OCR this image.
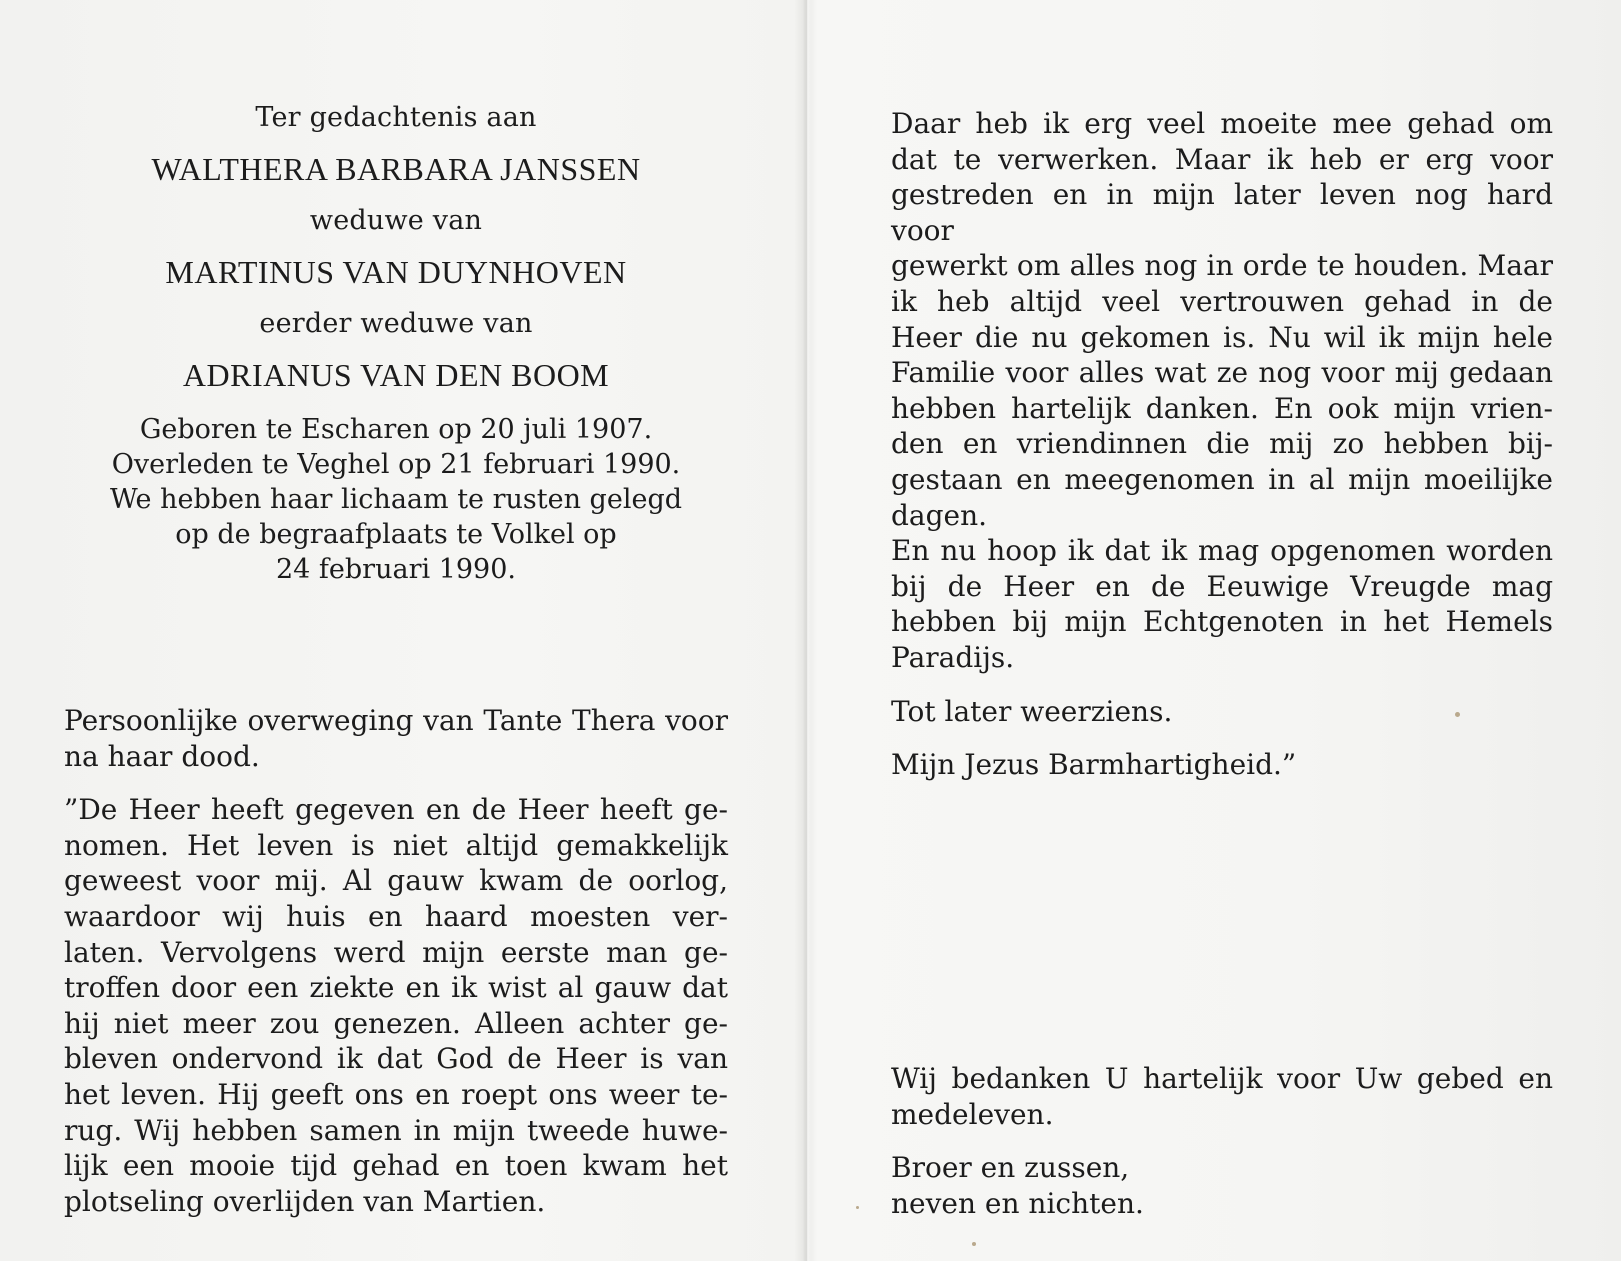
Ter gedachtenis aan

WALTHERA BARBARA JANSSEN

weduwe van

MARTINUS VAN DUYNHOVEN

eerder weduwe van

ADRIANUS VAN DEN BOOM

Geboren te Escharen op 20 juli 1907.

Overleden te Veghel op 21 februari 1990.

We hebben haar lichaam te rusten gelegd

op de begraafplaats te Volkel op

24 februari 1990.

Persoonlijke overweging van Tante Thera voor
na haar dood.

”De Heer heeft gegeven en de Heer heeft ge-
nomen. Het leven is niet altijd gemakkelijk
geweest voor mij. Al gauw kwam de oorlog,
waardoor wij huis en haard moesten ver-
laten. Vervolgens werd mijn eerste man ge-
troffen door een ziekte en ik wist al gauw dat
hij niet meer zou genezen. Alleen achter ge-
bleven ondervond ik dat God de Heer is van
het leven. Hij geeft ons en roept ons weer te-
rug. Wij hebben samen in mijn tweede huwe-
lijk een mooie tijd gehad en toen kwam het
plotseling overlijden van Martien.

Daar heb ik erg veel moeite mee gehad om
dat te verwerken. Maar ik heb er erg voor
gestreden en in mijn later leven nog hard voor
gewerkt om alles nog in orde te houden. Maar
ik heb altijd veel vertrouwen gehad in de
Heer die nu gekomen is. Nu wil ik mijn hele
Familie voor alles wat ze nog voor mij gedaan
hebben hartelijk danken. En ook mijn vrien-
den en vriendinnen die mij zo hebben bij-
gestaan en meegenomen in al mijn moeilijke
dagen.
En nu hoop ik dat ik mag opgenomen worden
bij de Heer en de Eeuwige Vreugde mag
hebben bij mijn Echtgenoten in het Hemels
Paradijs.

Tot later weerziens.

Mijn Jezus Barmhartigheid.”

Wij bedanken U hartelijk voor Uw gebed en
medeleven.

Broer en zussen,
neven en nichten.
